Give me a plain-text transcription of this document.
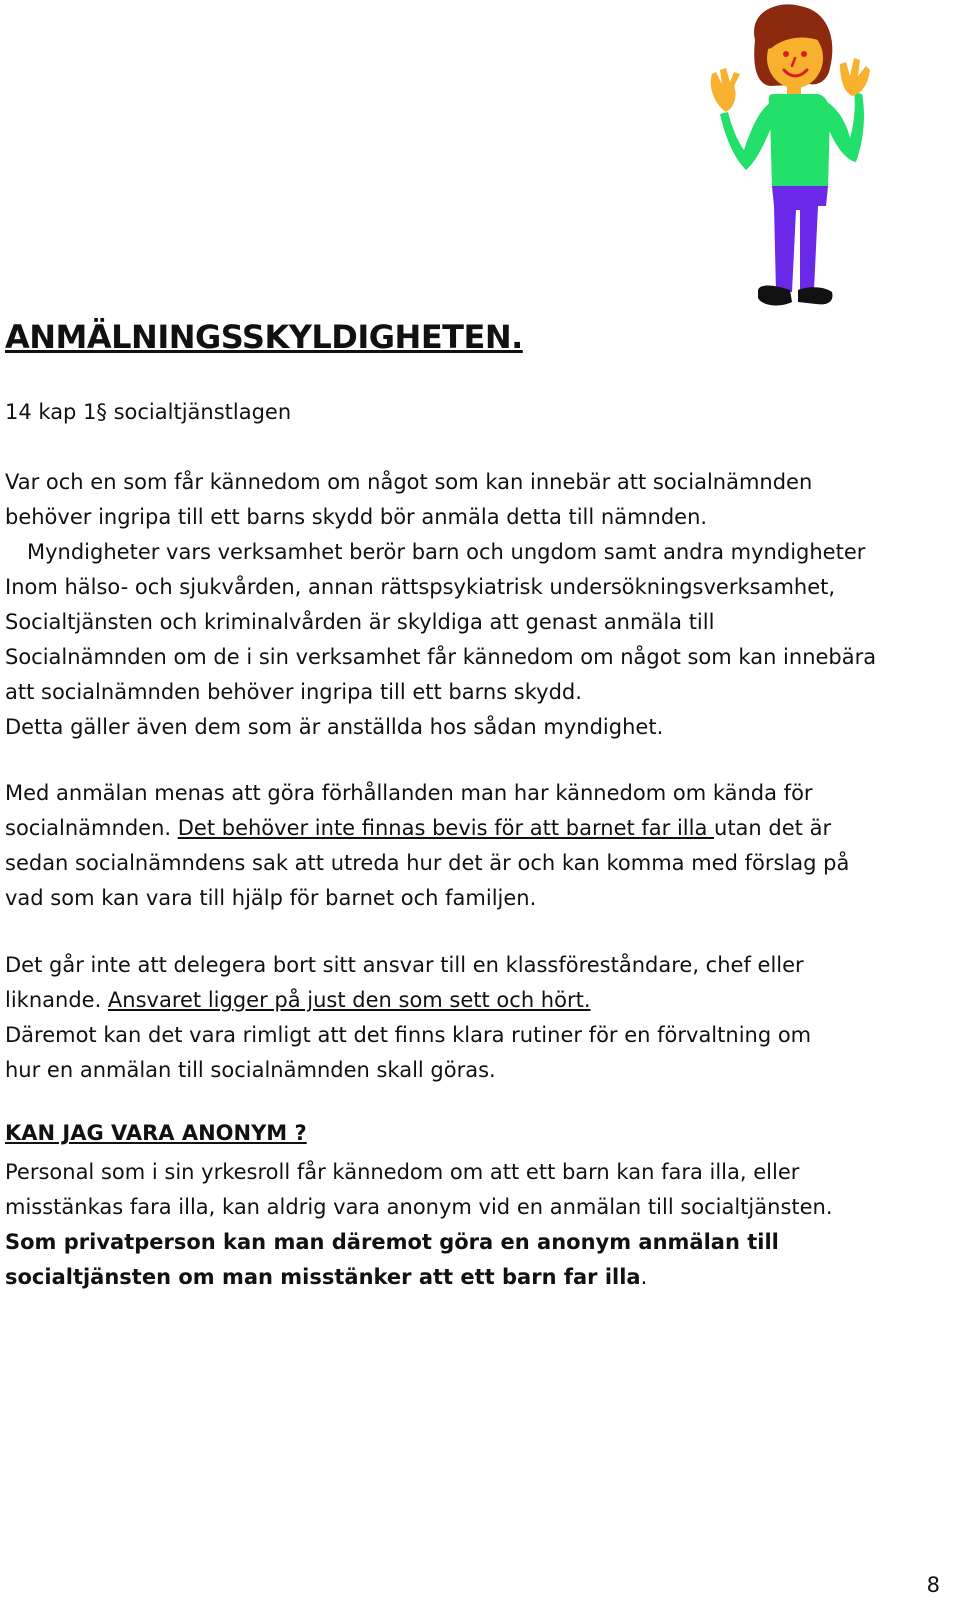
ANMÄLNINGSSKYLDIGHETEN.

14 kap 1§ socialtjänstlagen

Var och en som får kännedom om något som kan innebär att socialnämnden
behöver ingripa till ett barns skydd bör anmäla detta till nämnden.
Myndigheter vars verksamhet berör barn och ungdom samt andra myndigheter
Inom hälso- och sjukvården, annan rättspsykiatrisk undersökningsverksamhet,
Socialtjänsten och kriminalvården är skyldiga att genast anmäla till
Socialnämnden om de i sin verksamhet får kännedom om något som kan innebära
att socialnämnden behöver ingripa till ett barns skydd.
Detta gäller även dem som är anställda hos sådan myndighet.
Med anmälan menas att göra förhållanden man har kännedom om kända för
socialnämnden. Det behöver inte finnas bevis för att barnet far illa utan det är
sedan socialnämndens sak att utreda hur det är och kan komma med förslag på
vad som kan vara till hjälp för barnet och familjen.
Det går inte att delegera bort sitt ansvar till en klassföreståndare, chef eller
liknande. Ansvaret ligger på just den som sett och hört.
Däremot kan det vara rimligt att det finns klara rutiner för en förvaltning om
hur en anmälan till socialnämnden skall göras.
KAN JAG VARA ANONYM ?
Personal som i sin yrkesroll får kännedom om att ett barn kan fara illa, eller
misstänkas fara illa, kan aldrig vara anonym vid en anmälan till socialtjänsten.
Som privatperson kan man däremot göra en anonym anmälan till
socialtjänsten om man misstänker att ett barn far illa.
8
